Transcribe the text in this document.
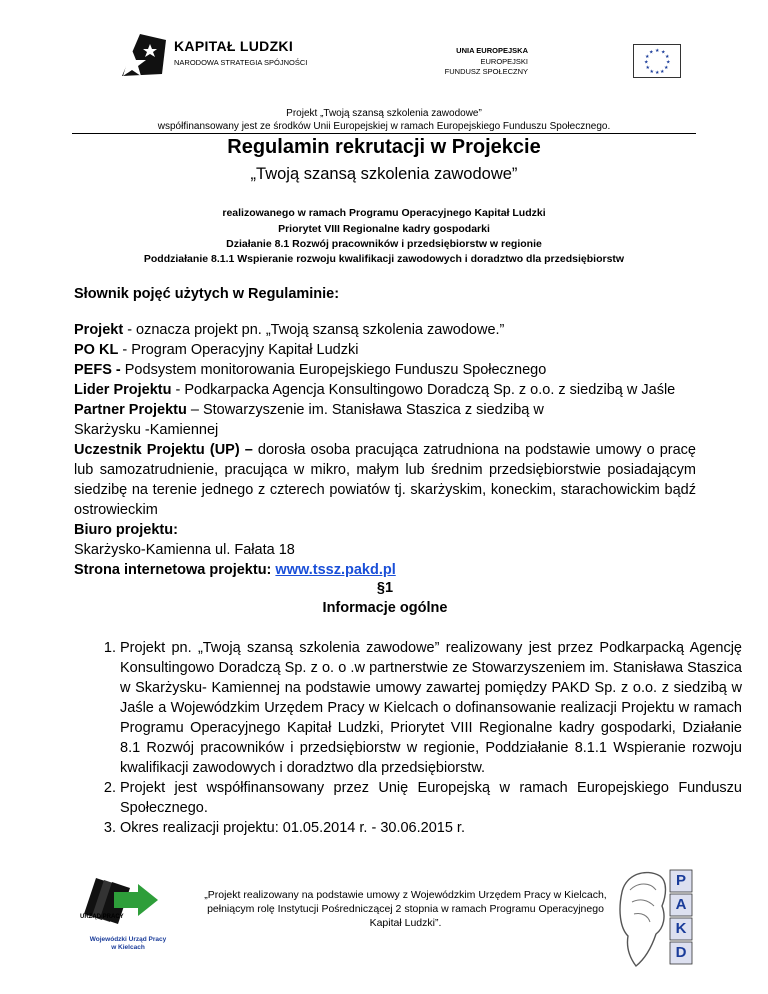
KAPITAŁ LUDZKI
NARODOWA STRATEGIA SPÓJNOŚCI
UNIA EUROPEJSKA
EUROPEJSKI
FUNDUSZ SPOŁECZNY
★ ★
★
★
★
★
★
★
★
★
★
★
Projekt „Twoją szansą szkolenia zawodowe”
współfinansowany jest ze środków Unii Europejskiej w ramach Europejskiego Funduszu Społecznego.
Regulamin rekrutacji w Projekcie
„Twoją szansą szkolenia zawodowe”
realizowanego w ramach Programu Operacyjnego Kapitał Ludzki
Priorytet VIII Regionalne kadry gospodarki
Działanie 8.1 Rozwój pracowników i przedsiębiorstw w regionie
Poddziałanie 8.1.1 Wspieranie rozwoju kwalifikacji zawodowych i doradztwo dla przedsiębiorstw
Słownik pojęć użytych w Regulaminie:
Projekt - oznacza projekt pn. „Twoją szansą szkolenia zawodowe.”
PO KL - Program Operacyjny Kapitał Ludzki
PEFS - Podsystem monitorowania Europejskiego Funduszu Społecznego
Lider Projektu - Podkarpacka Agencja Konsultingowo Doradczą Sp. z o.o. z siedzibą w Jaśle
Partner Projektu – Stowarzyszenie im. Stanisława Staszica z siedzibą w
Skarżysku -Kamiennej
Uczestnik Projektu (UP) – dorosła osoba pracująca zatrudniona na podstawie umowy o pracę lub samozatrudnienie, pracująca w mikro, małym lub średnim przedsiębiorstwie posiadającym siedzibę na terenie jednego z czterech powiatów tj. skarżyskim, koneckim, starachowickim bądź ostrowieckim
Biuro projektu:
Skarżysko-Kamienna ul. Fałata 18
Strona internetowa projektu: www.tssz.pakd.pl
§1
Informacje ogólne
1. Projekt pn. „Twoją szansą szkolenia zawodowe” realizowany jest przez Podkarpacką Agencję Konsultingowo Doradczą Sp. z o. o .w partnerstwie ze Stowarzyszeniem im. Stanisława Staszica w Skarżysku- Kamiennej na podstawie umowy zawartej pomiędzy PAKD Sp. z o.o. z siedzibą w Jaśle a Wojewódzkim Urzędem Pracy w Kielcach o dofinansowanie realizacji Projektu w ramach Programu Operacyjnego Kapitał Ludzki, Priorytet VIII Regionalne kadry gospodarki, Działanie 8.1 Rozwój pracowników i przedsiębiorstw w regionie, Poddziałanie 8.1.1 Wspieranie rozwoju kwalifikacji zawodowych i doradztwo dla przedsiębiorstw.
2. Projekt jest współfinansowany przez Unię Europejską w ramach Europejskiego Funduszu Społecznego.
3. Okres realizacji projektu: 01.05.2014 r. - 30.06.2015 r.
URZĄD PRACY
Wojewódzki Urząd Pracy
w Kielcach
„Projekt realizowany na podstawie umowy z Wojewódzkim Urzędem Pracy w Kielcach, pełniącym rolę Instytucji Pośredniczącej 2 stopnia w ramach Programu Operacyjnego Kapitał Ludzki”.
P
A
K
D
